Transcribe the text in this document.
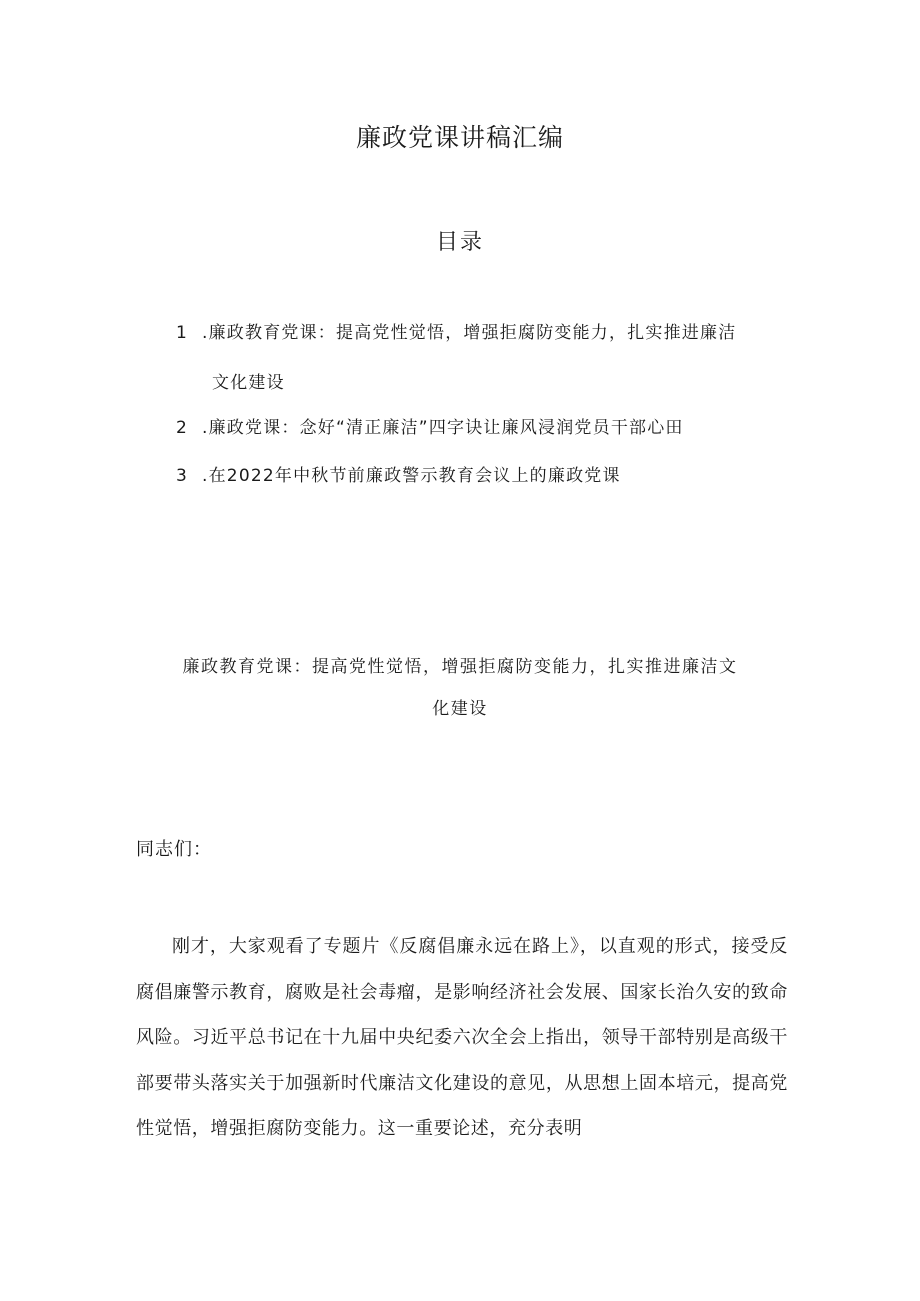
廉政党课讲稿汇编
目录
1 .廉政教育党课：提高党性觉悟，增强拒腐防变能力，扎实推进廉洁
文化建设
2 .廉政党课：念好“清正廉洁”四字诀让廉风浸润党员干部心田
3 .在2022年中秋节前廉政警示教育会议上的廉政党课
廉政教育党课：提高党性觉悟，增强拒腐防变能力，扎实推进廉洁文
化建设
同志们：

刚才，大家观看了专题片《反腐倡廉永远在路上》，以直观的形式，接受反腐倡廉警示教育，腐败是社会毒瘤，是影响经济社会发展、国家长治久安的致命风险。习近平总书记在十九届中央纪委六次全会上指出，领导干部特别是高级干部要带头落实关于加强新时代廉洁文化建设的意见，从思想上固本培元，提高党性觉悟，增强拒腐防变能力。这一重要论述，充分表明
